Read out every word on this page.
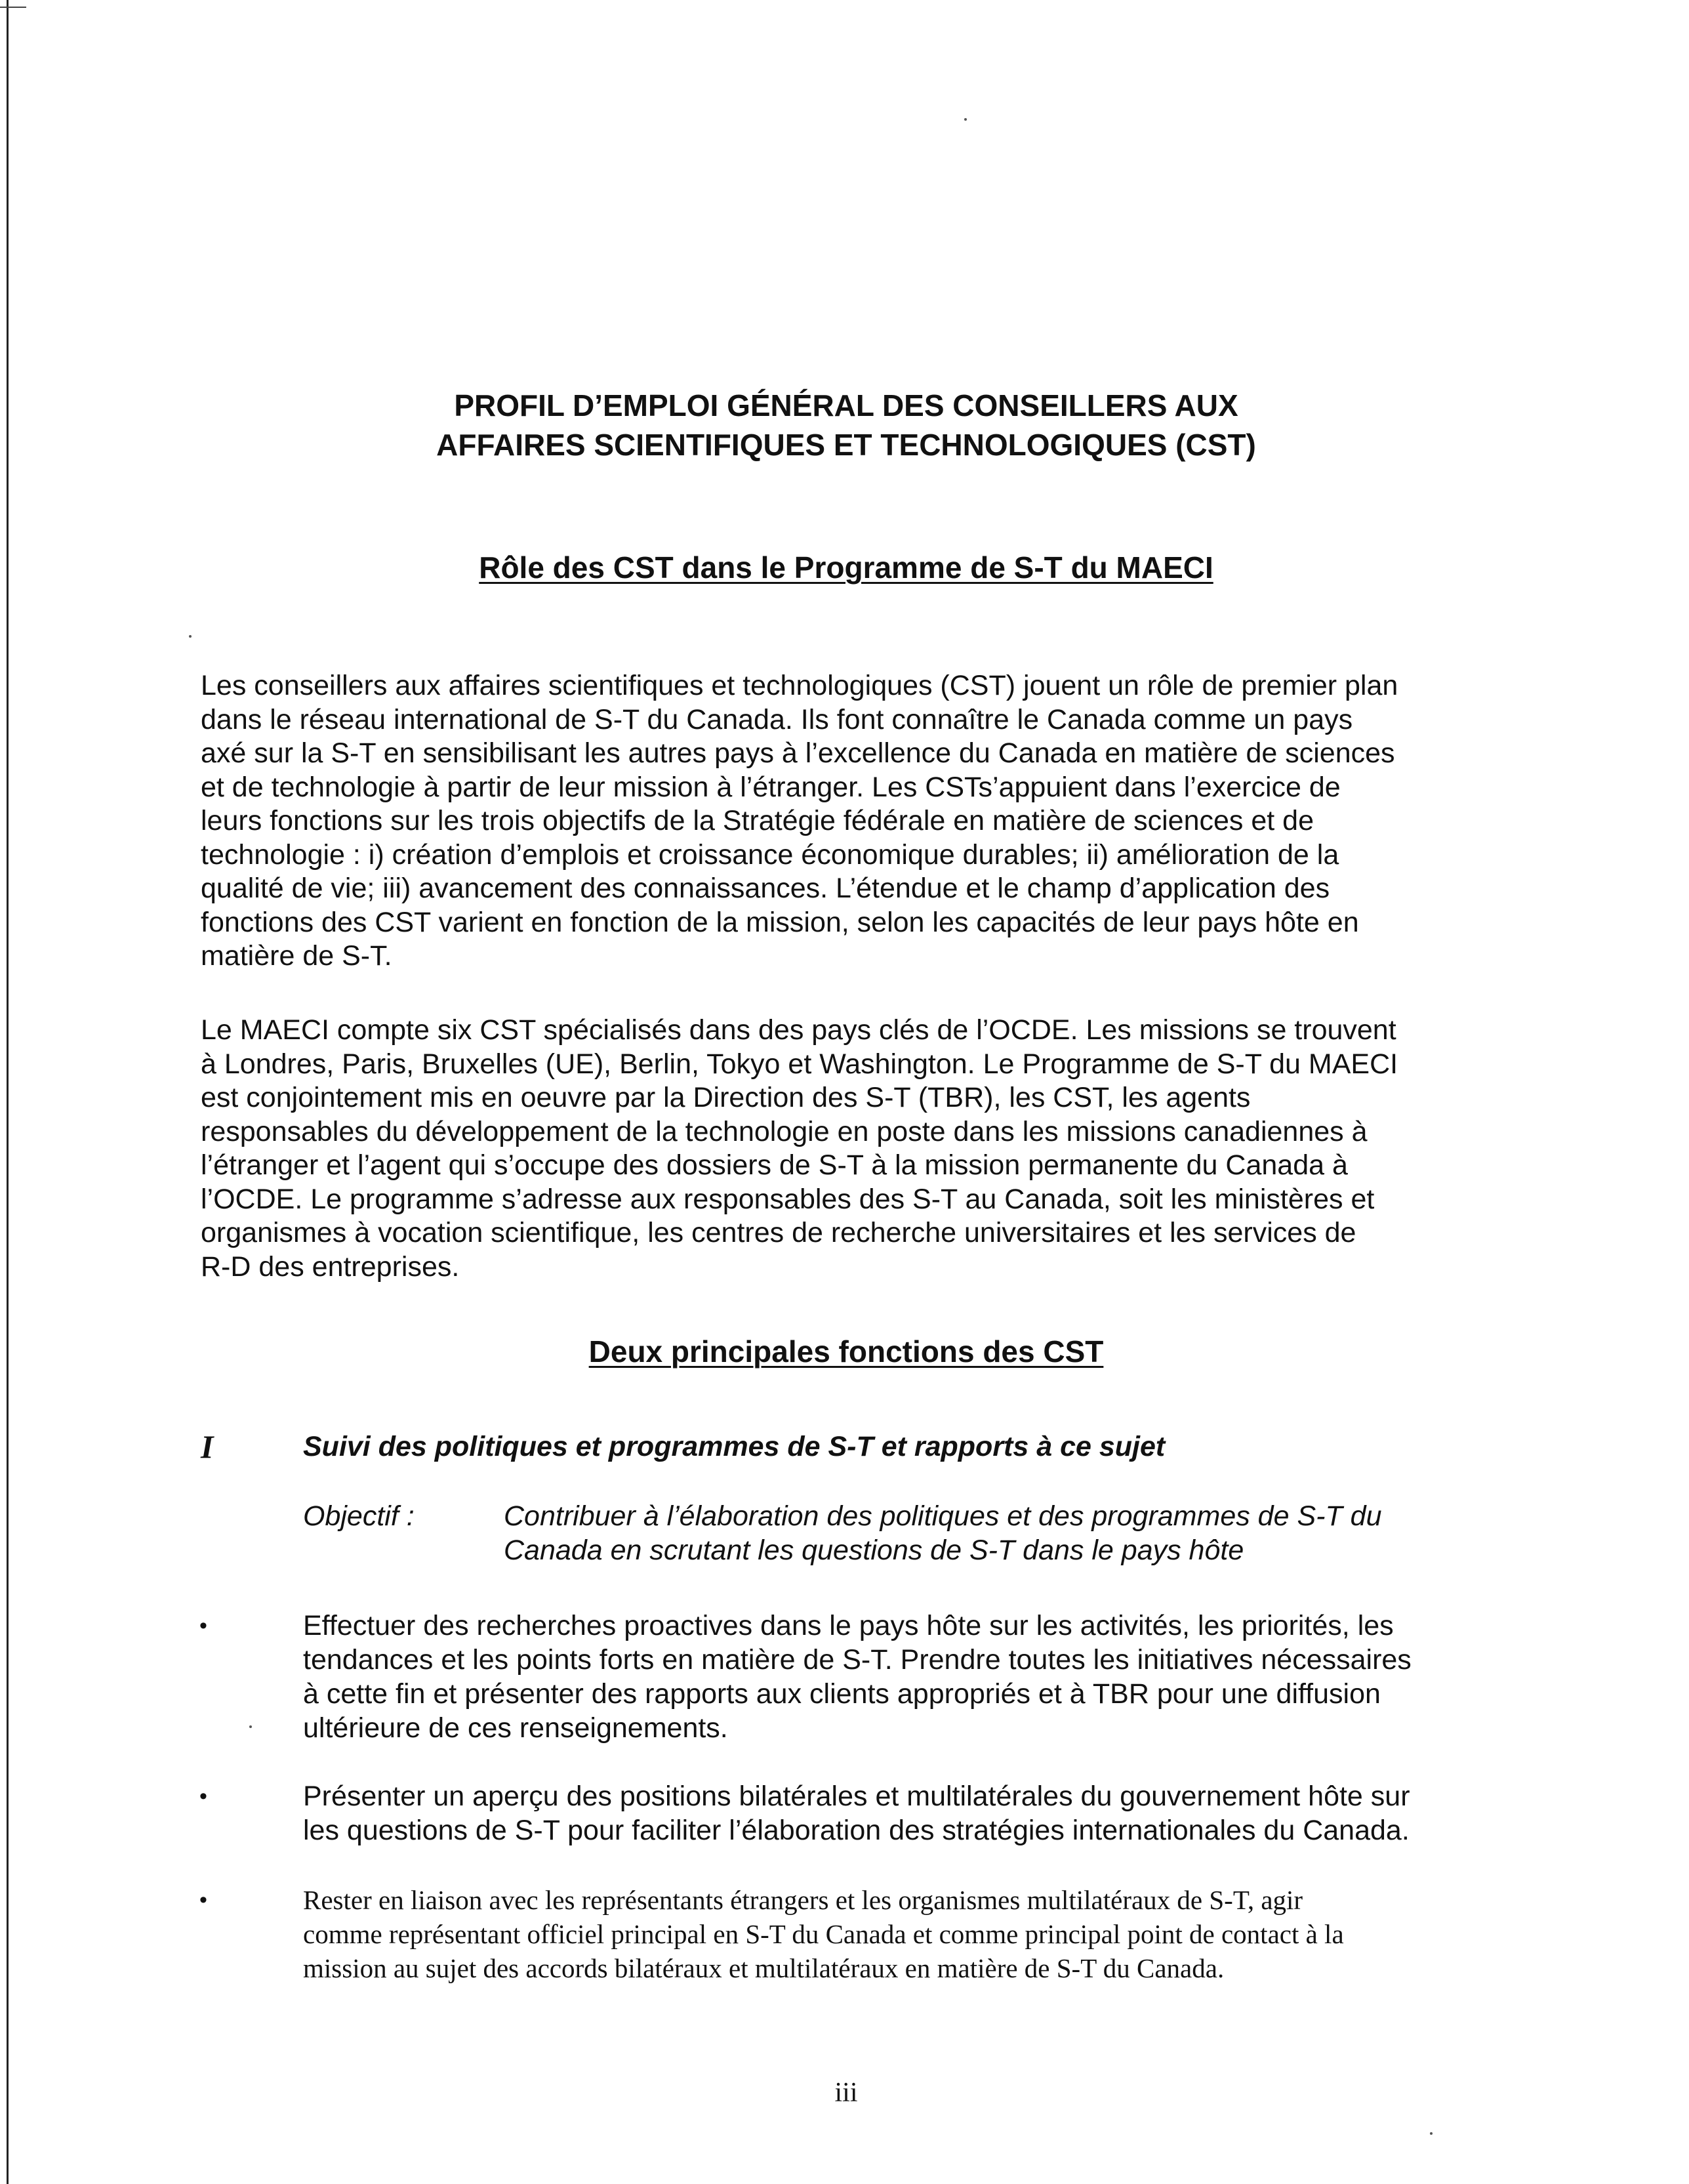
PROFIL D’EMPLOI GÉNÉRAL DES CONSEILLERS AUX
AFFAIRES SCIENTIFIQUES ET TECHNOLOGIQUES (CST)
Rôle des CST dans le Programme de S-T du MAECI
Les conseillers aux affaires scientifiques et technologiques (CST) jouent un rôle de premier plan
dans le réseau international de S-T du Canada. Ils font connaître le Canada comme un pays
axé sur la S-T en sensibilisant les autres pays à l’excellence du Canada en matière de sciences
et de technologie à partir de leur mission à l’étranger. Les CSTs’appuient dans l’exercice de
leurs fonctions sur les trois objectifs de la Stratégie fédérale en matière de sciences et de
technologie : i) création d’emplois et croissance économique durables; ii) amélioration de la
qualité de vie; iii) avancement des connaissances. L’étendue et le champ d’application des
fonctions des CST varient en fonction de la mission, selon les capacités de leur pays hôte en
matière de S-T.
Le MAECI compte six CST spécialisés dans des pays clés de l’OCDE. Les missions se trouvent
à Londres, Paris, Bruxelles (UE), Berlin, Tokyo et Washington. Le Programme de S-T du MAECI
est conjointement mis en oeuvre par la Direction des S-T (TBR), les CST, les agents
responsables du développement de la technologie en poste dans les missions canadiennes à
l’étranger et l’agent qui s’occupe des dossiers de S-T à la mission permanente du Canada à
l’OCDE. Le programme s’adresse aux responsables des S-T au Canada, soit les ministères et
organismes à vocation scientifique, les centres de recherche universitaires et les services de
R-D des entreprises.
Deux principales fonctions des CST
I	Suivi des politiques et programmes de S-T et rapports à ce sujet
Objectif :	Contribuer à l’élaboration des politiques et des programmes de S-T du
Canada en scrutant les questions de S-T dans le pays hôte
•	Effectuer des recherches proactives dans le pays hôte sur les activités, les priorités, les
tendances et les points forts en matière de S-T. Prendre toutes les initiatives nécessaires
à cette fin et présenter des rapports aux clients appropriés et à TBR pour une diffusion
ultérieure de ces renseignements.
•	Présenter un aperçu des positions bilatérales et multilatérales du gouvernement hôte sur
les questions de S-T pour faciliter l’élaboration des stratégies internationales du Canada.
•	Rester en liaison avec les représentants étrangers et les organismes multilatéraux de S-T, agir
comme représentant officiel principal en S-T du Canada et comme principal point de contact à la
mission au sujet des accords bilatéraux et multilatéraux en matière de S-T du Canada.
iii
